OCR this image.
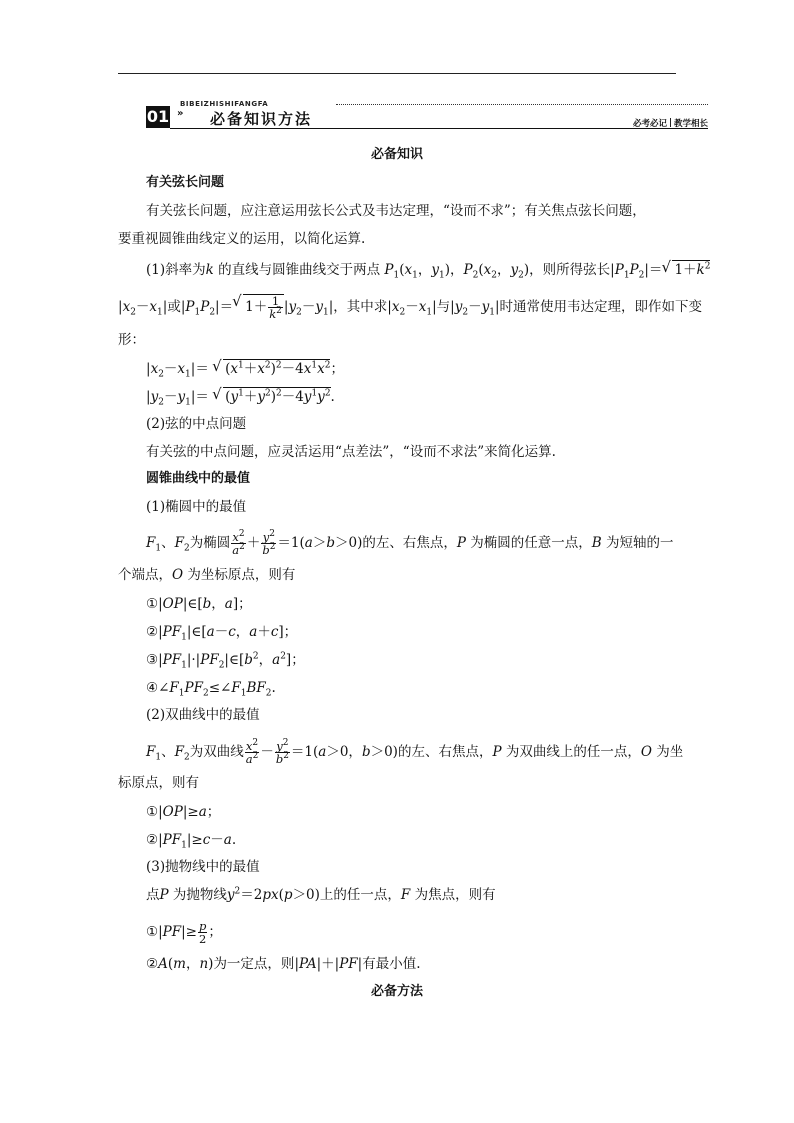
BIBEIZHISHIFANGFA
01 » 必备知识方法	必考必记 教学相长
必备知识
有关弦长问题
有关弦长问题，应注意运用弦长公式及韦达定理，“设而不求”；有关焦点弦长问题，
要重视圆锥曲线定义的运用，以简化运算.
(1)斜率为k 的直线与圆锥曲线交于两点 $P_1(x_1$，$y_1$)，$P_2(x_2$，$y_2$)，则所得弦长$|P_1P_2|=√$ $1+k^2$
$|x_2-x_1|$或$|P_1P_2|=√$ $1+ \frac{1}{k^2} |y_2-y_1|$，其中求$|x_2-x_1|$与$|y_2-y_1|$时通常使用韦达定理，即作如下变
形：
$|x_2-x_1|=$ √ $(x^1+x^2)^2-4x^1x^2$；
$|y_2-y_1|=$ √ $(y^1+y^2)^2-4y^1y^2$.
(2)弦的中点问题
有关弦的中点问题，应灵活运用“点差法”，“设而不求法”来简化运算.
圆锥曲线中的最值
(1)椭圆中的最值
$F_1$、$F_2$为椭圆 $\frac{x^2}{a^2} + \frac{y^2}{b^2} =1(a>b>0)$的左、右焦点，P 为椭圆的任意一点，B 为短轴的一
个端点，O 为坐标原点，则有
①|OP|∈[b，a]；
$②|PF_1|\in[a-c$，a＋c]；
$③|PF_1|\cdot|PF_2|\in[b^2$，$a^2$]；
$④\angle F_1PF_2\le\angle F_1BF_2$.
(2)双曲线中的最值
$F_1$、$F_2$为双曲线 $\frac{x^2}{a^2} - \frac{y^2}{b^2} =1(a>0$，b＞0)的左、右焦点，P 为双曲线上的任一点，O 为坐
标原点，则有
①|OP|≥a；
$②|PF_1|\ge c-a$.
(3)抛物线中的最值
点P 为抛物线$y^2=2px(p>0)$上的任一点，F 为焦点，则有
①|PF|≥ $\frac{p}{2}$ ；
②A(m，n)为一定点，则|PA|＋|PF|有最小值.
必备方法
